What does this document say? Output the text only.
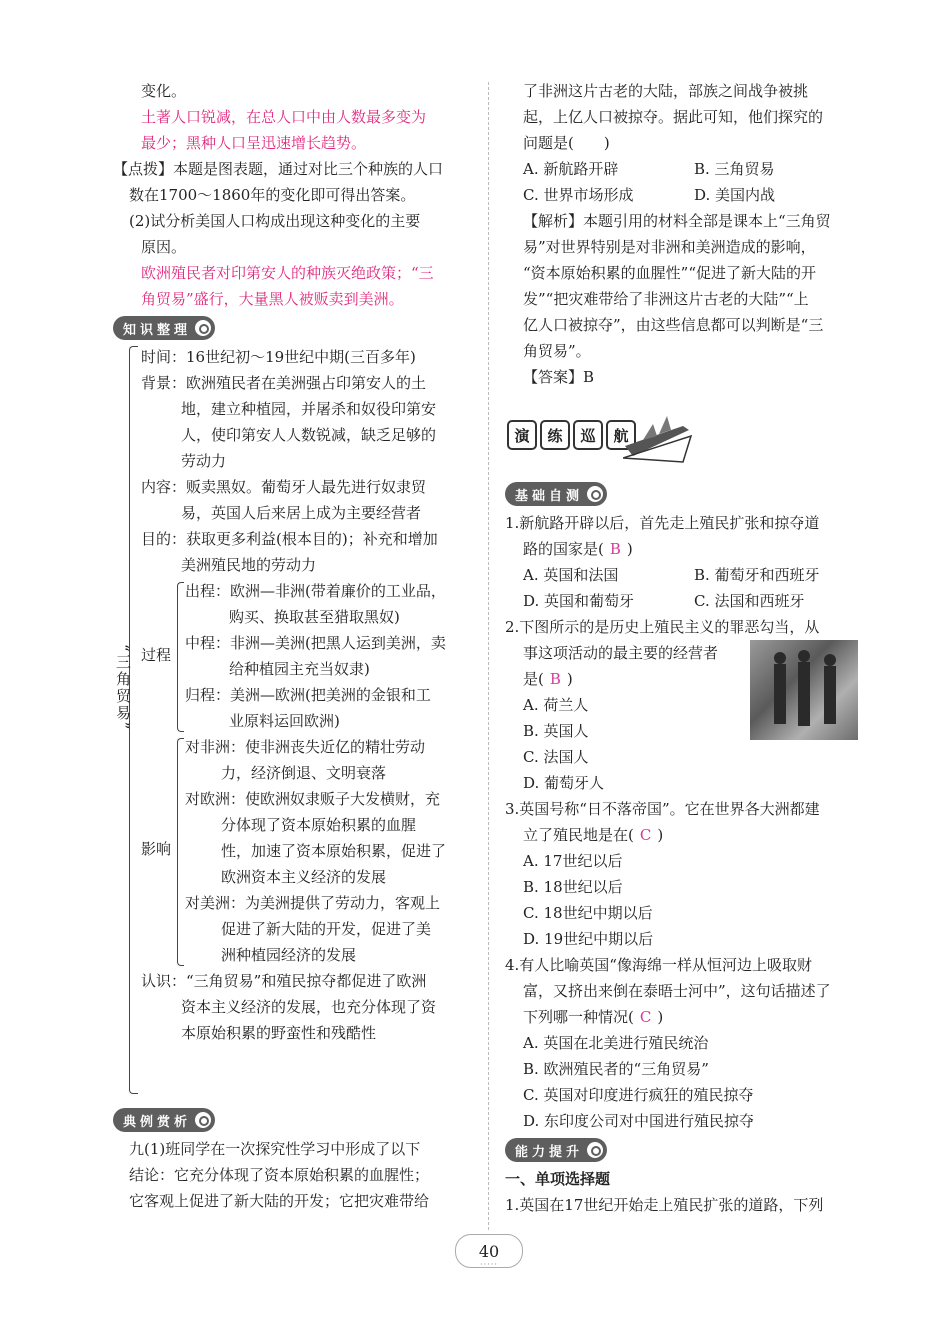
变化。

土著人口锐减，在总人口中由人数最多变为

最少；黑种人口呈迅速增长趋势。

【点拨】本题是图表题，通过对比三个种族的人口

数在1700～1860年的变化即可得出答案。

(2)试分析美国人口构成出现这种变化的主要

原因。

欧洲殖民者对印第安人的种族灭绝政策；“三

角贸易”盛行，大量黑人被贩卖到美洲。

知识整理
“三角贸易”

时间：16世纪初～19世纪中期(三百多年)

背景：欧洲殖民者在美洲强占印第安人的土

地，建立种植园，并屠杀和奴役印第安

人，使印第安人人数锐减，缺乏足够的

劳动力

内容：贩卖黑奴。葡萄牙人最先进行奴隶贸

易，英国人后来居上成为主要经营者

目的：获取更多利益(根本目的)；补充和增加

美洲殖民地的劳动力

过程

出程：欧洲—非洲(带着廉价的工业品，

购买、换取甚至猎取黑奴)

中程：非洲—美洲(把黑人运到美洲，卖

给种植园主充当奴隶)

归程：美洲—欧洲(把美洲的金银和工

业原料运回欧洲)

影响

对非洲：使非洲丧失近亿的精壮劳动

力，经济倒退、文明衰落

对欧洲：使欧洲奴隶贩子大发横财，充

分体现了资本原始积累的血腥

性，加速了资本原始积累，促进了

欧洲资本主义经济的发展

对美洲：为美洲提供了劳动力，客观上

促进了新大陆的开发，促进了美

洲种植园经济的发展

认识：“三角贸易”和殖民掠夺都促进了欧洲

资本主义经济的发展，也充分体现了资

本原始积累的野蛮性和残酷性

典例赏析

九(1)班同学在一次探究性学习中形成了以下

结论：它充分体现了资本原始积累的血腥性；

它客观上促进了新大陆的开发；它把灾难带给

了非洲这片古老的大陆，部族之间战争被挑

起，上亿人口被掠夺。据此可知，他们探究的

问题是(　　)

A. 新航路开辟	B. 三角贸易
C. 世界市场形成	D. 美国内战

【解析】本题引用的材料全部是课本上“三角贸

易”对世界特别是对非洲和美洲造成的影响，

“资本原始积累的血腥性”“促进了新大陆的开

发”“把灾难带给了非洲这片古老的大陆”“上

亿人口被掠夺”，由这些信息都可以判断是“三

角贸易”。

【答案】B

演	练	巡	航
基础自测

1.新航路开辟以后，首先走上殖民扩张和掠夺道

路的国家是( B )

A. 英国和法国	B. 葡萄牙和西班牙
D. 英国和葡萄牙	C. 法国和西班牙

2.下图所示的是历史上殖民主义的罪恶勾当，从

事这项活动的最主要的经营者

是( B )

A. 荷兰人

B. 英国人

C. 法国人

D. 葡萄牙人

3.英国号称“日不落帝国”。它在世界各大洲都建

立了殖民地是在( C )

A. 17世纪以后

B. 18世纪以后

C. 18世纪中期以后

D. 19世纪中期以后

4.有人比喻英国“像海绵一样从恒河边上吸取财

富，又挤出来倒在泰晤士河中”，这句话描述了

下列哪一种情况( C )

A. 英国在北美进行殖民统治

B. 欧洲殖民者的“三角贸易”

C. 英国对印度进行疯狂的殖民掠夺

D. 东印度公司对中国进行殖民掠夺

能力提升

一、单项选择题

1.英国在17世纪开始走上殖民扩张的道路，下列

40
·····
